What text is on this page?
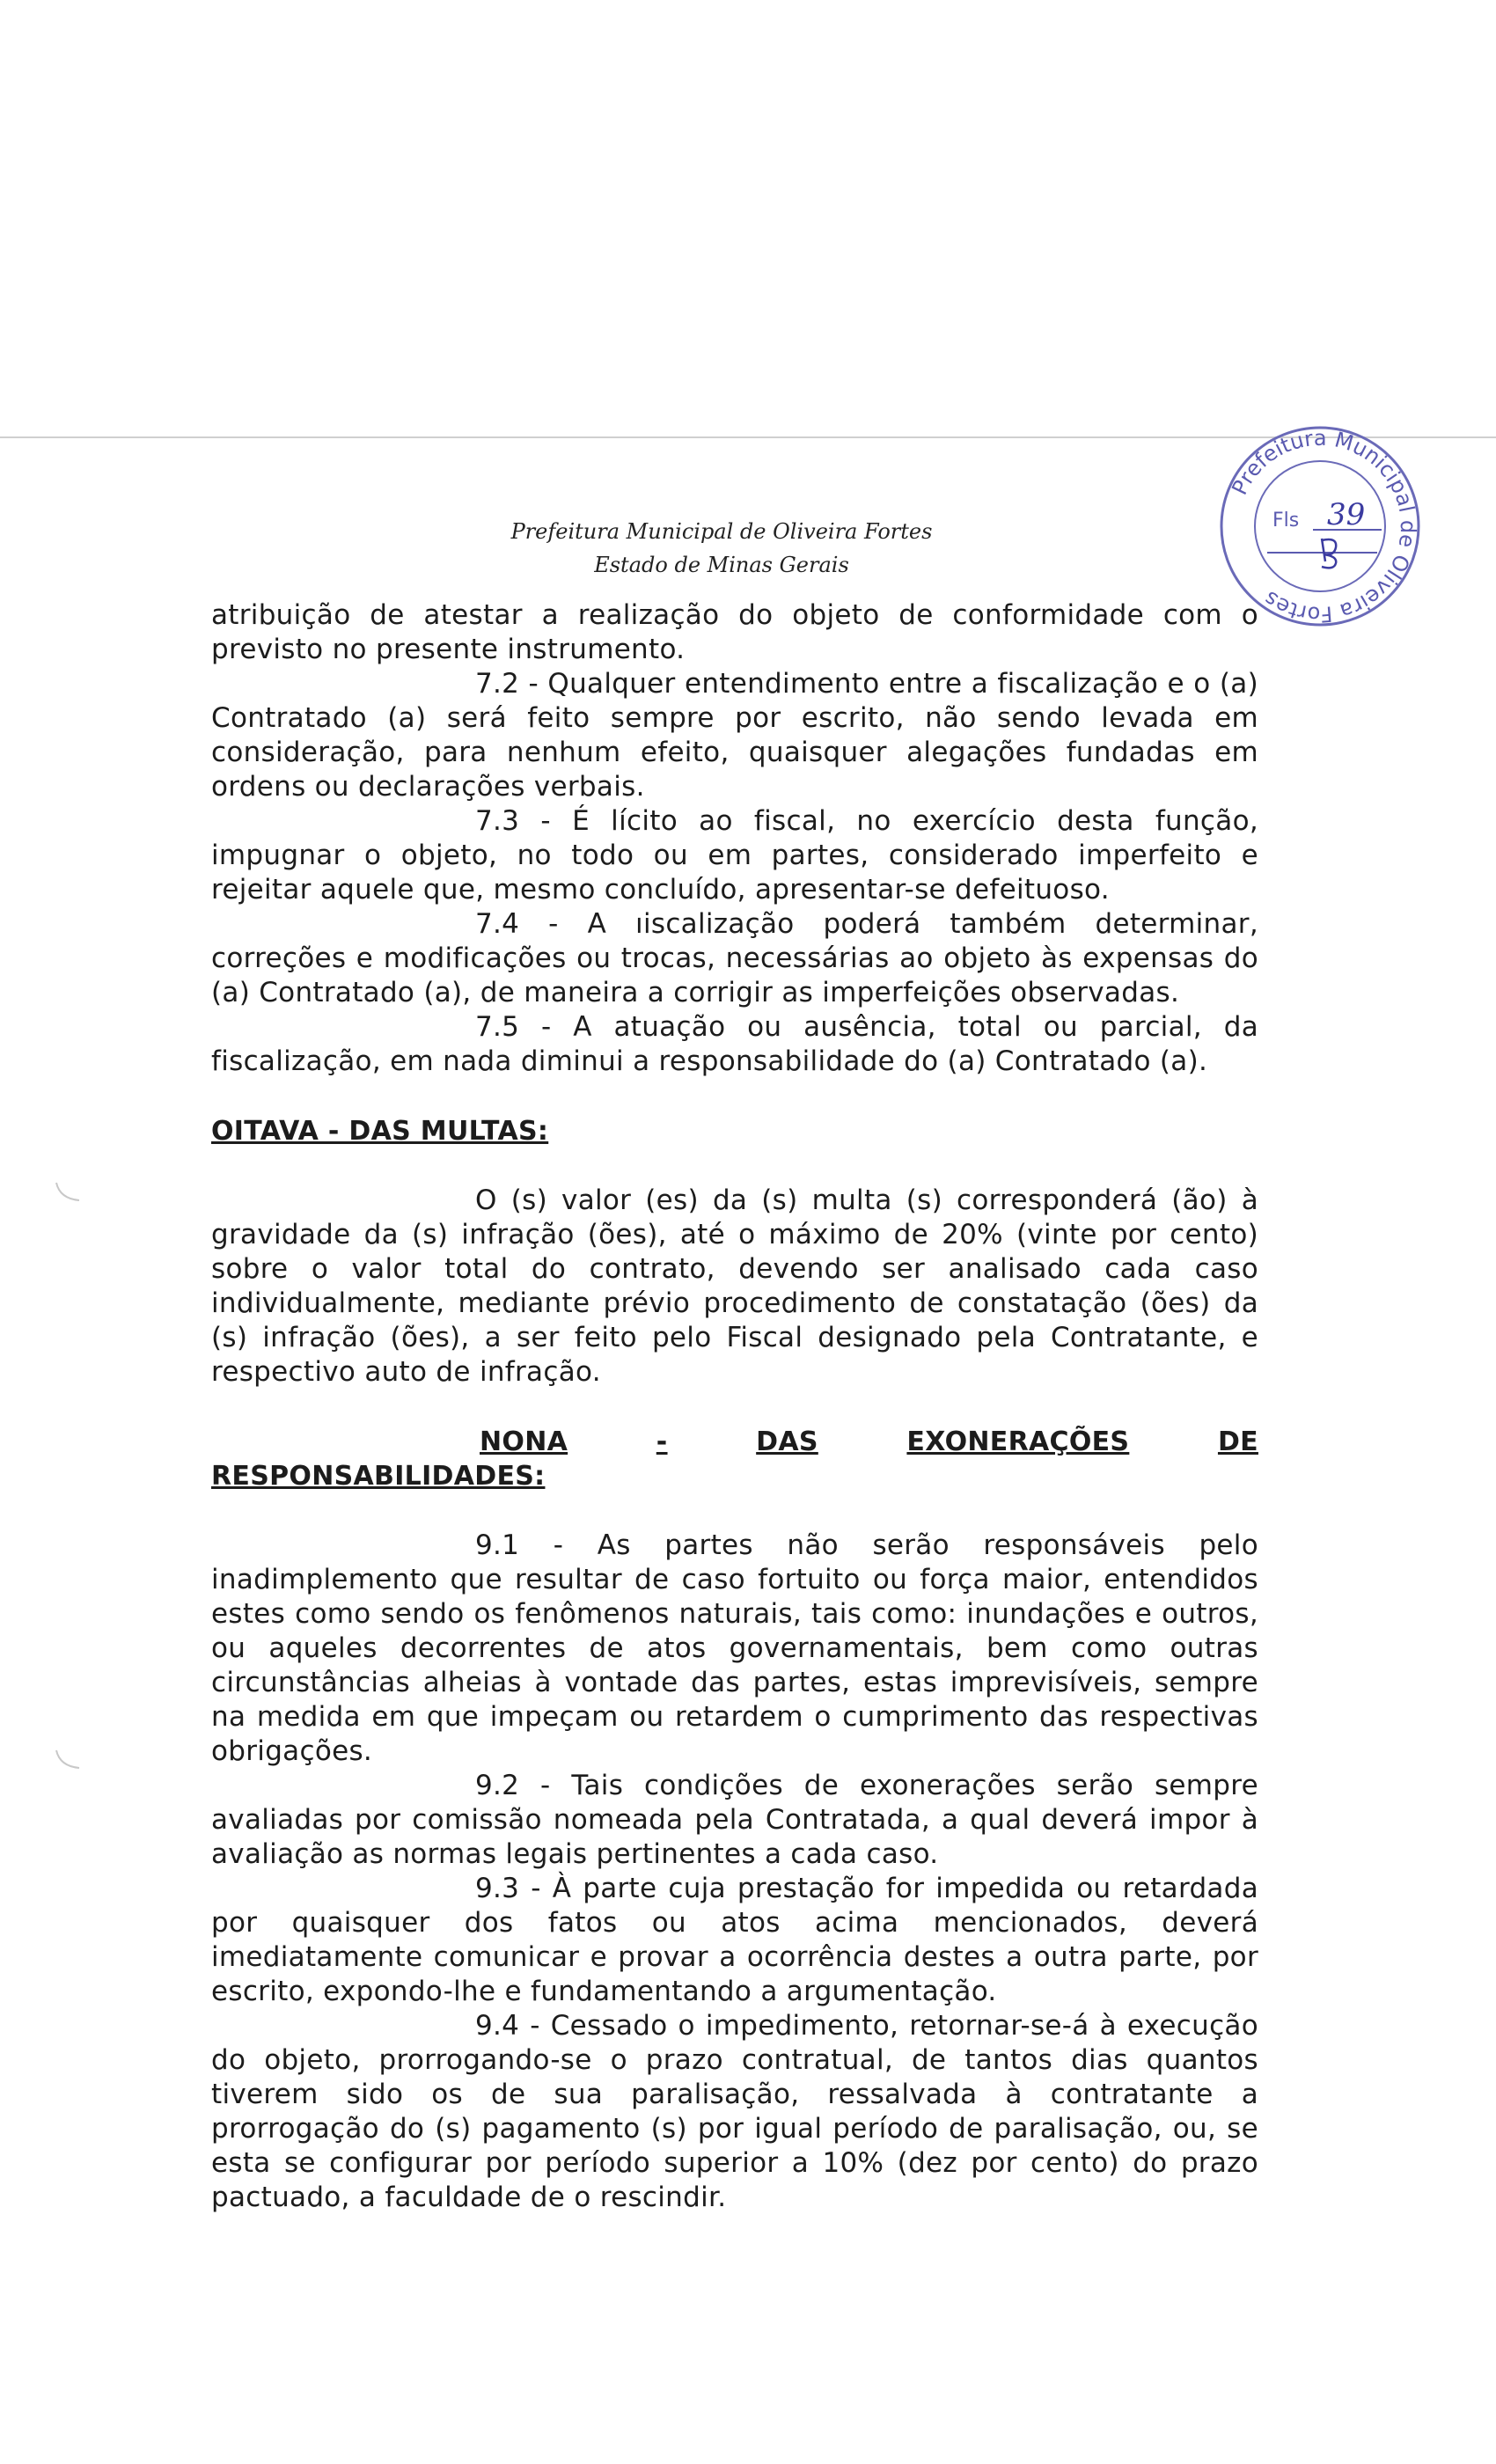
Prefeitura Municipal de Oliveira Fortes
Estado de Minas Gerais
Prefeitura Municipal de Oliveira Fortes
Fls 39

atribuição de atestar a realização do objeto de conformidade com o previsto no presente instrumento.

7.2 - Qualquer entendimento entre a fiscalização e o (a) Contratado (a) será feito sempre por escrito, não sendo levada em consideração, para nenhum efeito, quaisquer alegações fundadas em ordens ou declarações verbais.

7.3 - É lícito ao fiscal, no exercício desta função, impugnar o objeto, no todo ou em partes, considerado imperfeito e rejeitar aquele que, mesmo concluído, apresentar-se defeituoso.

7.4 - A ıiscalização poderá também determinar, correções e modificações ou trocas, necessárias ao objeto às expensas do (a) Contratado (a), de maneira a corrigir as imperfeições observadas.

7.5 - A atuação ou ausência, total ou parcial, da fiscalização, em nada diminui a responsabilidade do (a) Contratado (a).

OITAVA - DAS MULTAS:

O (s) valor (es) da (s) multa (s) corresponderá (ão) à gravidade da (s) infração (ões), até o máximo de 20% (vinte por cento) sobre o valor total do contrato, devendo ser analisado cada caso individualmente, mediante prévio procedimento de constatação (ões) da (s) infração (ões), a ser feito pelo Fiscal designado pela Contratante, e respectivo auto de infração.

NONA	-	DAS	EXONERAÇÕES	DE

RESPONSABILIDADES:

9.1 - As partes não serão responsáveis pelo inadimplemento que resultar de caso fortuito ou força maior, entendidos estes como sendo os fenômenos naturais, tais como: inundações e outros, ou aqueles decorrentes de atos governamentais, bem como outras circunstâncias alheias à vontade das partes, estas imprevisíveis, sempre na medida em que impeçam ou retardem o cumprimento das respectivas obrigações.

9.2 - Tais condições de exonerações serão sempre avaliadas por comissão nomeada pela Contratada, a qual deverá impor à avaliação as normas legais pertinentes a cada caso.

9.3 - À parte cuja prestação for impedida ou retardada por quaisquer dos fatos ou atos acima mencionados, deverá imediatamente comunicar e provar a ocorrência destes a outra parte, por escrito, expondo-lhe e fundamentando a argumentação.

9.4 - Cessado o impedimento, retornar-se-á à execução do objeto, prorrogando-se o prazo contratual, de tantos dias quantos tiverem sido os de sua paralisação, ressalvada à contratante a prorrogação do (s) pagamento (s) por igual período de paralisação, ou, se esta se configurar por período superior a 10% (dez por cento) do prazo pactuado, a faculdade de o rescindir.
